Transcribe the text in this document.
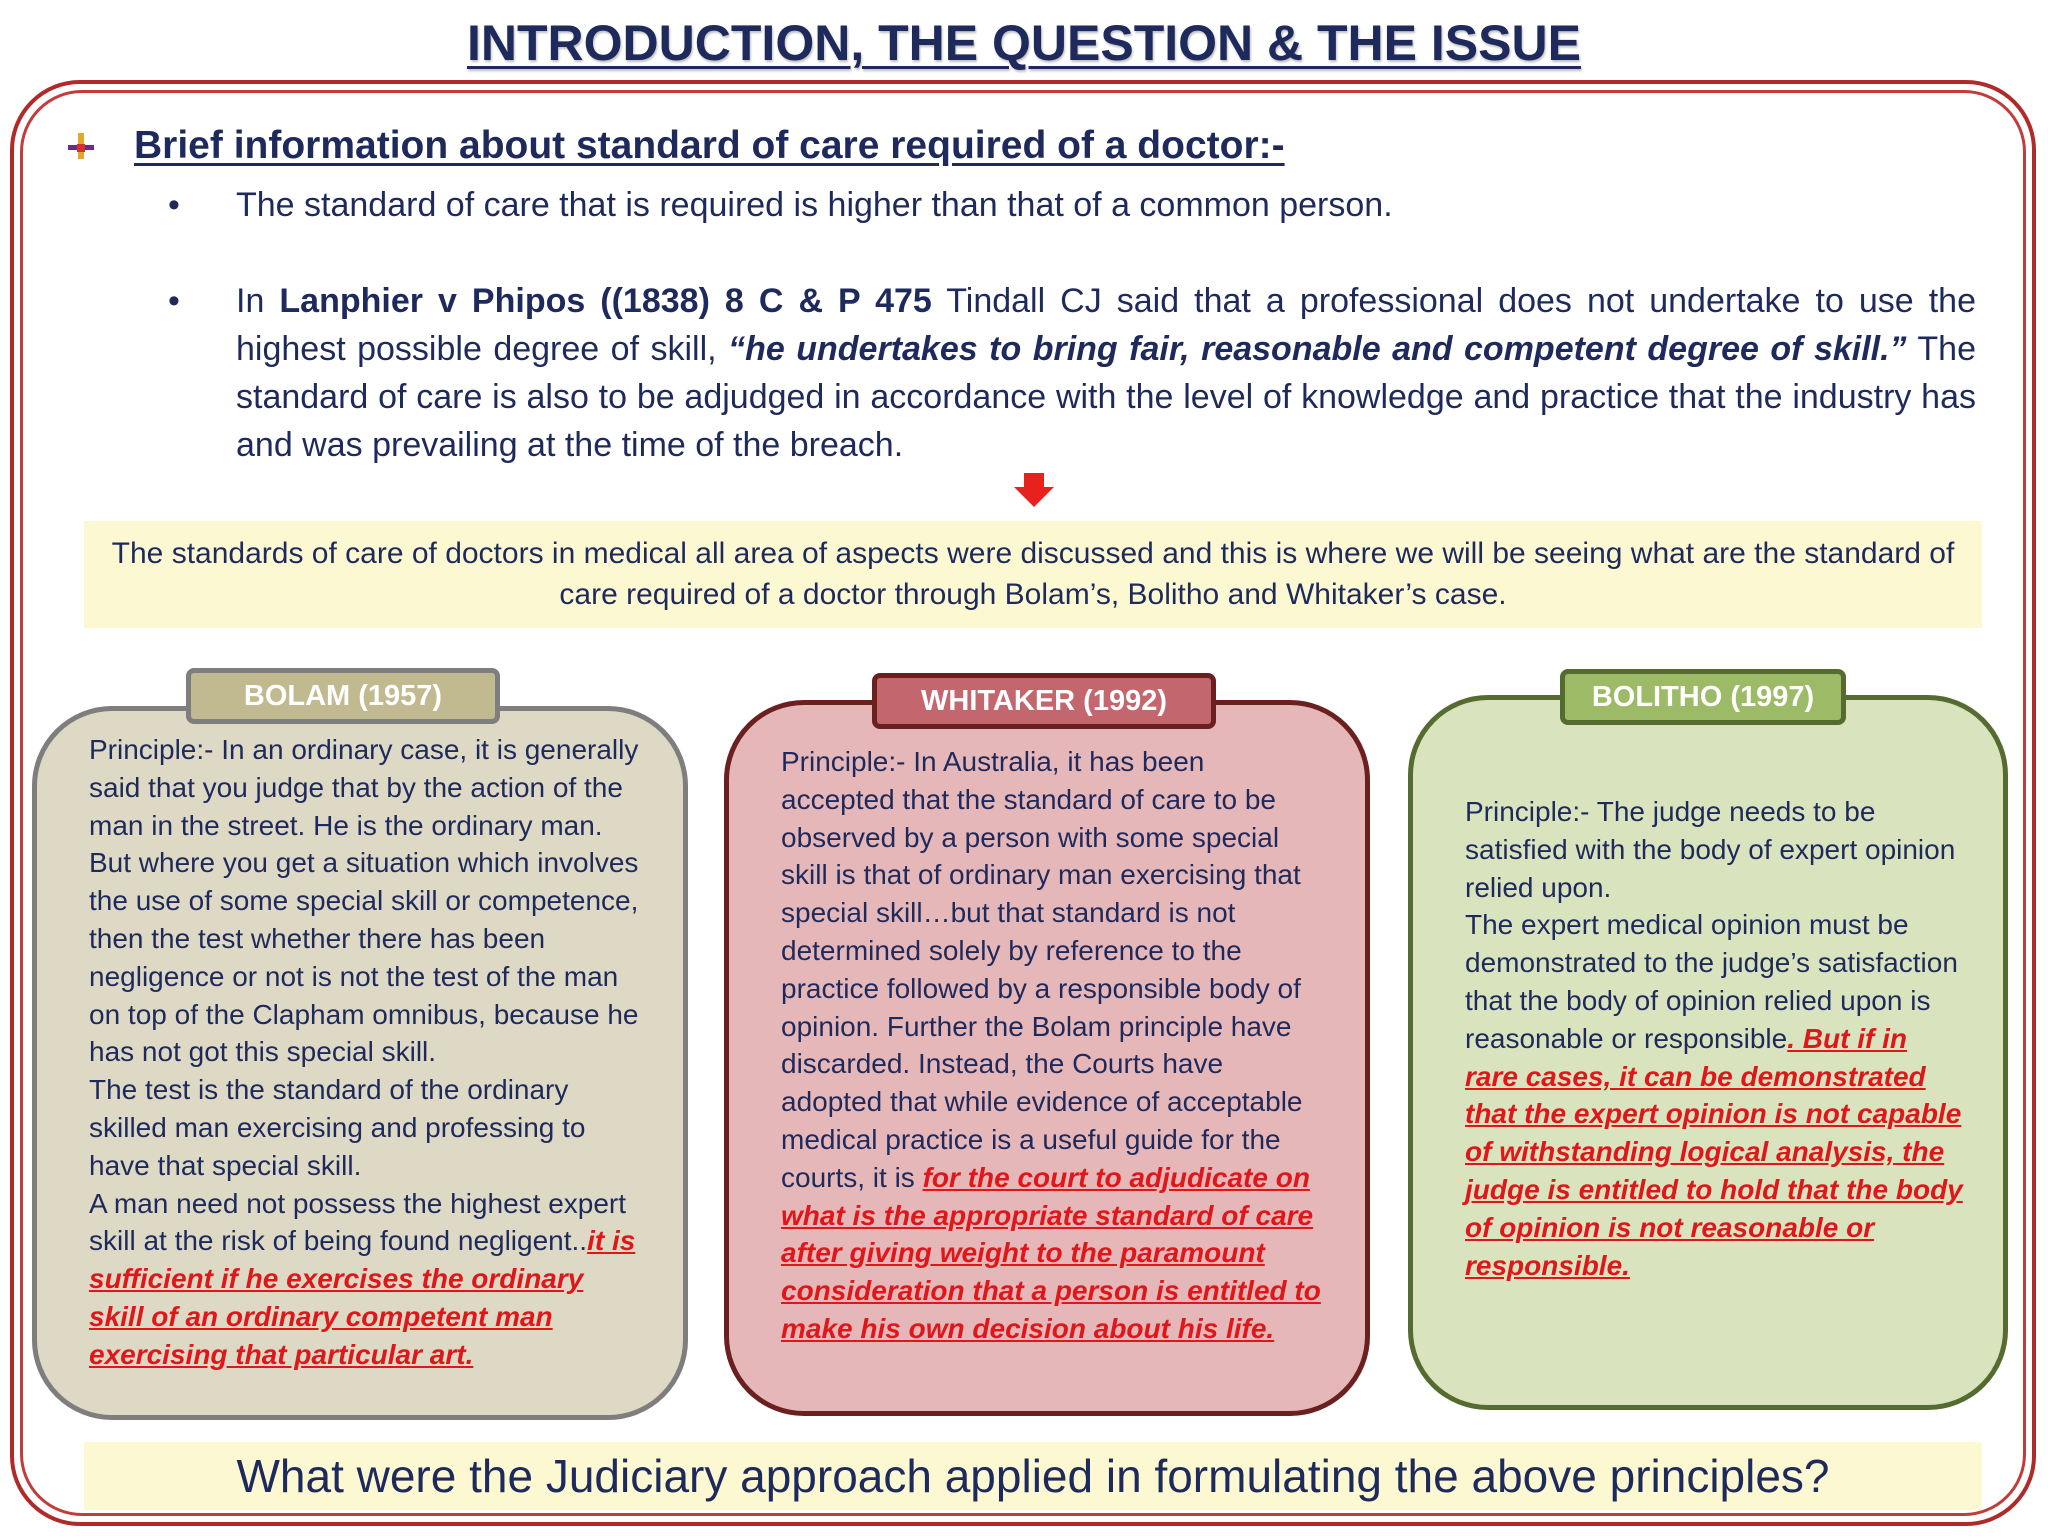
INTRODUCTION, THE QUESTION & THE ISSUE
Brief information about standard of care required of a doctor:-
• The standard of care that is required is higher than that of a common person.
• In Lanphier v Phipos ((1838) 8 C & P 475 Tindall CJ said that a professional does not undertake to use the highest possible degree of skill, “he undertakes to bring fair, reasonable and competent degree of skill.” The standard of care is also to be adjudged in accordance with the level of knowledge and practice that the industry has and was prevailing at the time of the breach.
The standards of care of doctors in medical all area of aspects were discussed and this is where we will be seeing what are the standard of care required of a doctor through Bolam’s, Bolitho and Whitaker’s case.
Principle:- In an ordinary case, it is generally said that you judge that by the action of the man in the street. He is the ordinary man. But where you get a situation which involves the use of some special skill or competence, then the test whether there has been negligence or not is not the test of the man on top of the Clapham omnibus, because he has not got this special skill.
The test is the standard of the ordinary skilled man exercising and professing to have that special skill.
A man need not possess the highest expert skill at the risk of being found negligent..it is sufficient if he exercises the ordinary skill of an ordinary competent man exercising that particular art.
BOLAM (1957)
Principle:- In Australia, it has been accepted that the standard of care to be observed by a person with some special skill is that of ordinary man exercising that special skill…but that standard is not determined solely by reference to the practice followed by a responsible body of opinion. Further the Bolam principle have discarded. Instead, the Courts have adopted that while evidence of acceptable medical practice is a useful guide for the courts, it is for the court to adjudicate on what is the appropriate standard of care after giving weight to the paramount consideration that a person is entitled to make his own decision about his life.
WHITAKER (1992)
Principle:- The judge needs to be satisfied with the body of expert opinion relied upon.
The expert medical opinion must be demonstrated to the judge’s satisfaction that the body of opinion relied upon is reasonable or responsible. But if in rare cases, it can be demonstrated that the expert opinion is not capable of withstanding logical analysis, the judge is entitled to hold that the body of opinion is not reasonable or responsible.
BOLITHO (1997)
What were the Judiciary approach applied in formulating the above principles?
